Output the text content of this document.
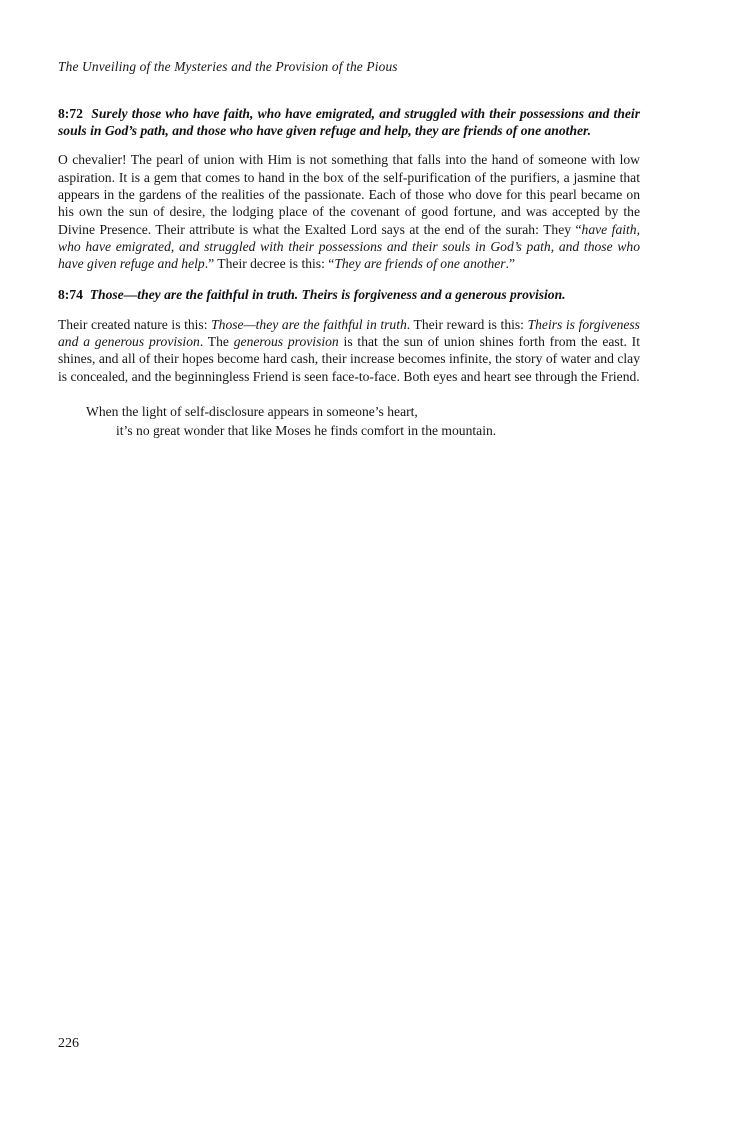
The Unveiling of the Mysteries and the Provision of the Pious

8:72 Surely those who have faith, who have emigrated, and struggled with their possessions and their souls in God’s path, and those who have given refuge and help, they are friends of one another.

O chevalier! The pearl of union with Him is not something that falls into the hand of someone with low aspiration. It is a gem that comes to hand in the box of the self-purification of the purifiers, a jasmine that appears in the gardens of the realities of the passionate. Each of those who dove for this pearl became on his own the sun of desire, the lodging place of the covenant of good fortune, and was accepted by the Divine Presence. Their attribute is what the Exalted Lord says at the end of the surah: They “have faith, who have emigrated, and struggled with their possessions and their souls in God’s path, and those who have given refuge and help.” Their decree is this: “They are friends of one another.”

8:74 Those—they are the faithful in truth. Theirs is forgiveness and a generous provision.

Their created nature is this: Those—they are the faithful in truth. Their reward is this: Theirs is forgiveness and a generous provision. The generous provision is that the sun of union shines forth from the east. It shines, and all of their hopes become hard cash, their increase becomes infinite, the story of water and clay is concealed, and the beginningless Friend is seen face-to-face. Both eyes and heart see through the Friend.

When the light of self-disclosure appears in someone’s heart,
it’s no great wonder that like Moses he finds comfort in the mountain.
226
